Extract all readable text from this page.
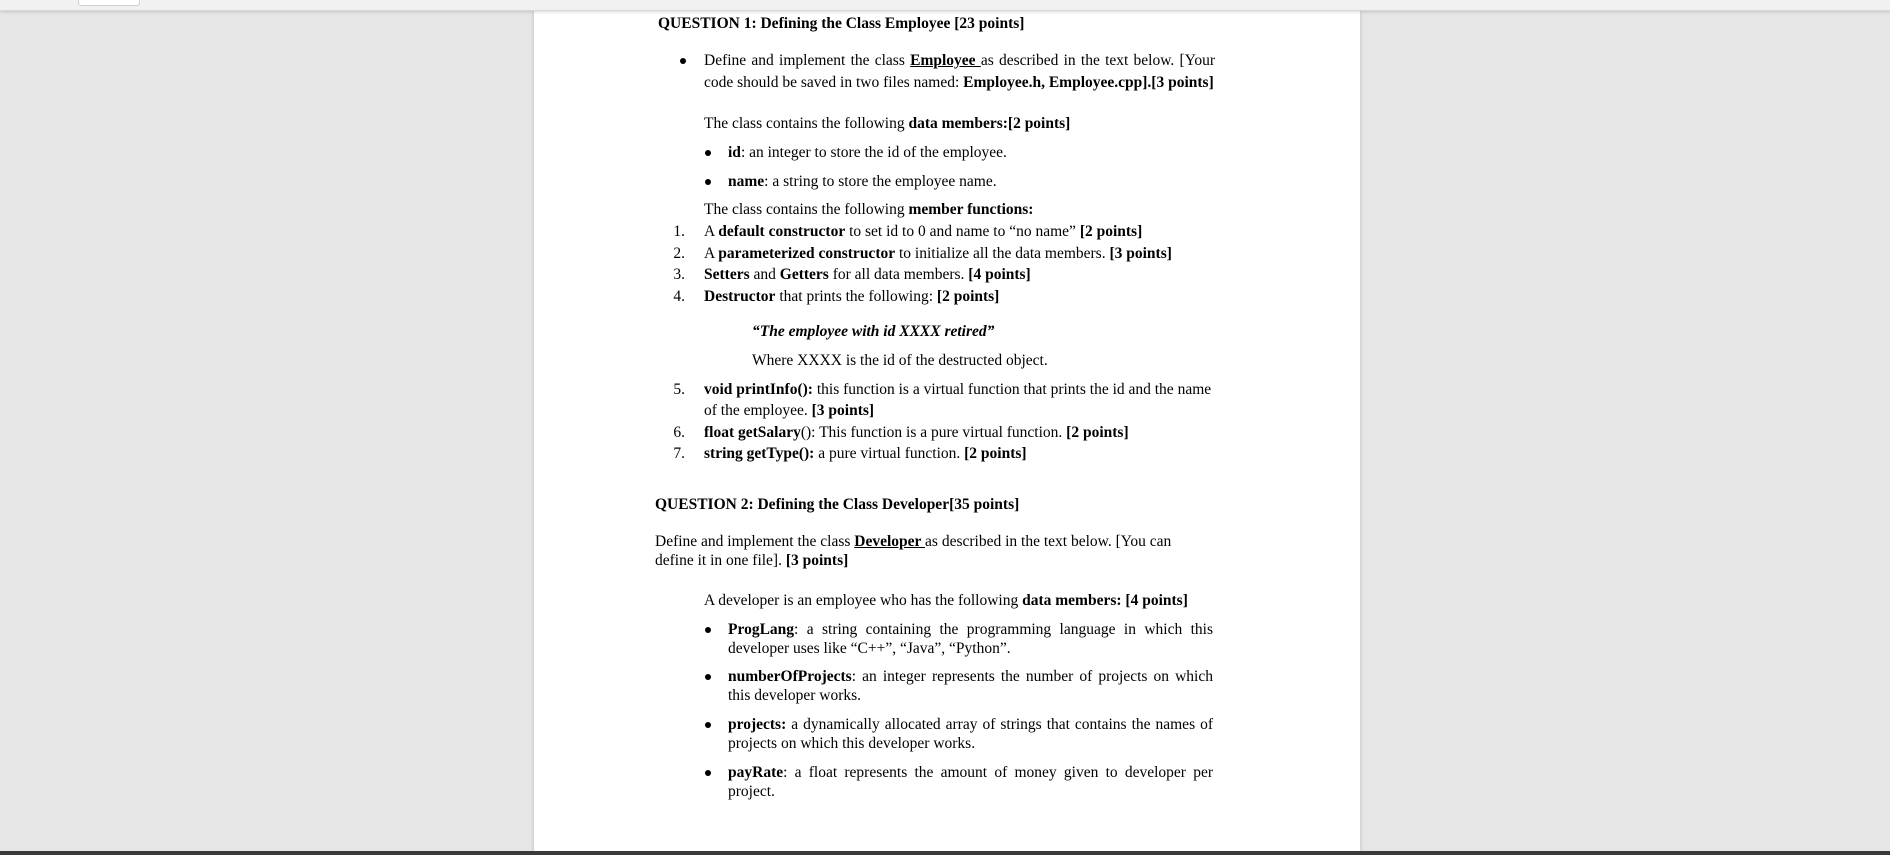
QUESTION 1: Defining the Class Employee [23 points]
Define and implement the class Employee as described in the text below. [Your
code should be saved in two files named: Employee.h, Employee.cpp].[3 points]
The class contains the following data members:[2 points]
id: an integer to store the id of the employee.
name: a string to store the employee name.
The class contains the following member functions:
1. A default constructor to set id to 0 and name to “no name” [2 points]
2. A parameterized constructor to initialize all the data members. [3 points]
3. Setters and Getters for all data members. [4 points]
4. Destructor that prints the following: [2 points]
“The employee with id XXXX retired”
Where XXXX is the id of the destructed object.
5. void printInfo(): this function is a virtual function that prints the id and the name
of the employee. [3 points]
6. float getSalary(): This function is a pure virtual function. [2 points]
7. string getType(): a pure virtual function. [2 points]
QUESTION 2: Defining the Class Developer[35 points]
Define and implement the class Developer as described in the text below. [You can
define it in one file]. [3 points]
A developer is an employee who has the following data members: [4 points]
ProgLang: a string containing the programming language in which this
developer uses like “C++”, “Java”, “Python”.
numberOfProjects: an integer represents the number of projects on which
this developer works.
projects: a dynamically allocated array of strings that contains the names of
projects on which this developer works.
payRate: a float represents the amount of money given to developer per
project.
